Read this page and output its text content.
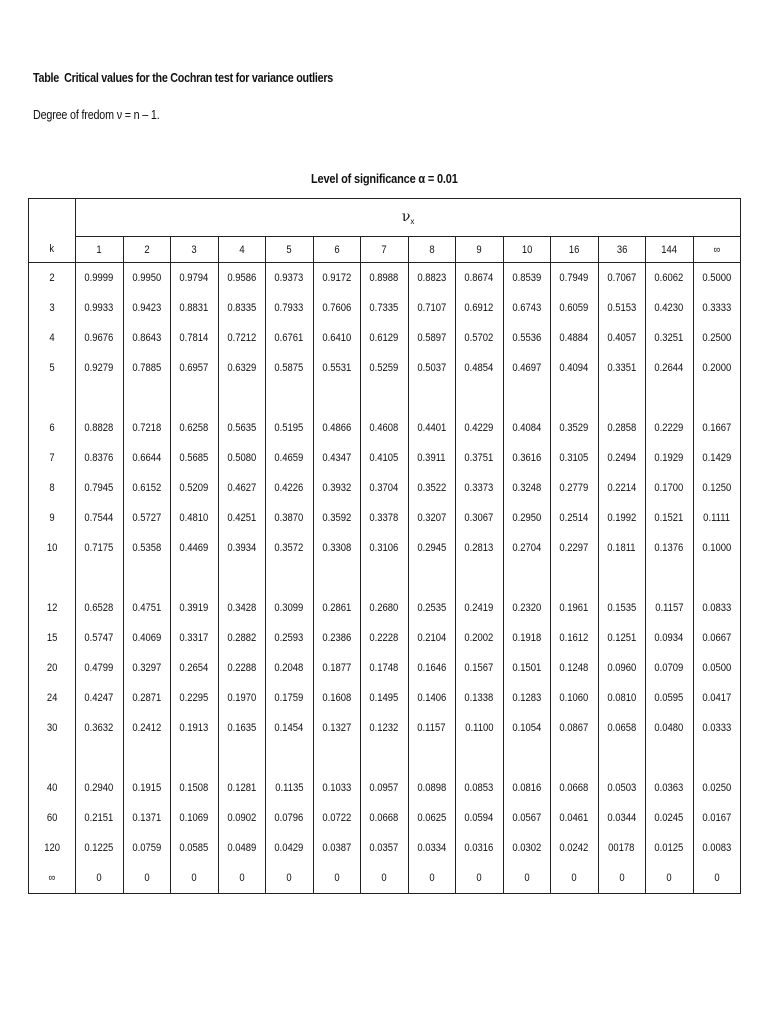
Table Critical values for the Cochran test for variance outliers
Degree of fredom ν = n – 1.
Level of significance α = 0.01
	$\nu_x$
k	1	2	3	4	5	6	7	8	9	10	16	36	144	∞
2	0.9999	0.9950	0.9794	0.9586	0.9373	0.9172	0.8988	0.8823	0.8674	0.8539	0.7949	0.7067	0.6062	0.5000
3	0.9933	0.9423	0.8831	0.8335	0.7933	0.7606	0.7335	0.7107	0.6912	0.6743	0.6059	0.5153	0.4230	0.3333
4	0.9676	0.8643	0.7814	0.7212	0.6761	0.6410	0.6129	0.5897	0.5702	0.5536	0.4884	0.4057	0.3251	0.2500
5	0.9279	0.7885	0.6957	0.6329	0.5875	0.5531	0.5259	0.5037	0.4854	0.4697	0.4094	0.3351	0.2644	0.2000

6	0.8828	0.7218	0.6258	0.5635	0.5195	0.4866	0.4608	0.4401	0.4229	0.4084	0.3529	0.2858	0.2229	0.1667
7	0.8376	0.6644	0.5685	0.5080	0.4659	0.4347	0.4105	0.3911	0.3751	0.3616	0.3105	0.2494	0.1929	0.1429
8	0.7945	0.6152	0.5209	0.4627	0.4226	0.3932	0.3704	0.3522	0.3373	0.3248	0.2779	0.2214	0.1700	0.1250
9	0.7544	0.5727	0.4810	0.4251	0.3870	0.3592	0.3378	0.3207	0.3067	0.2950	0.2514	0.1992	0.1521	0.1111
10	0.7175	0.5358	0.4469	0.3934	0.3572	0.3308	0.3106	0.2945	0.2813	0.2704	0.2297	0.1811	0.1376	0.1000

12	0.6528	0.4751	0.3919	0.3428	0.3099	0.2861	0.2680	0.2535	0.2419	0.2320	0.1961	0.1535	0.1157	0.0833
15	0.5747	0.4069	0.3317	0.2882	0.2593	0.2386	0.2228	0.2104	0.2002	0.1918	0.1612	0.1251	0.0934	0.0667
20	0.4799	0.3297	0.2654	0.2288	0.2048	0.1877	0.1748	0.1646	0.1567	0.1501	0.1248	0.0960	0.0709	0.0500
24	0.4247	0.2871	0.2295	0.1970	0.1759	0.1608	0.1495	0.1406	0.1338	0.1283	0.1060	0.0810	0.0595	0.0417
30	0.3632	0.2412	0.1913	0.1635	0.1454	0.1327	0.1232	0.1157	0.1100	0.1054	0.0867	0.0658	0.0480	0.0333

40	0.2940	0.1915	0.1508	0.1281	0.1135	0.1033	0.0957	0.0898	0.0853	0.0816	0.0668	0.0503	0.0363	0.0250
60	0.2151	0.1371	0.1069	0.0902	0.0796	0.0722	0.0668	0.0625	0.0594	0.0567	0.0461	0.0344	0.0245	0.0167
120	0.1225	0.0759	0.0585	0.0489	0.0429	0.0387	0.0357	0.0334	0.0316	0.0302	0.0242	00178	0.0125	0.0083
∞	0	0	0	0	0	0	0	0	0	0	0	0	0	0
